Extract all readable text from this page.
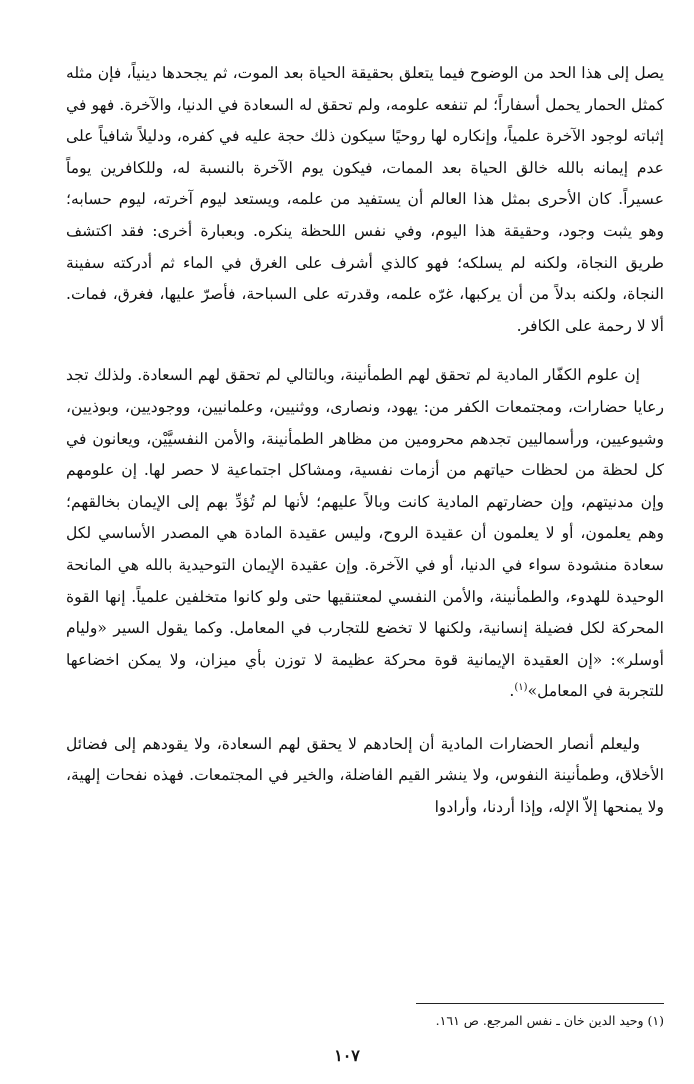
يصل إلى هذا الحد من الوضوح فيما يتعلق بحقيقة الحياة بعد الموت، ثم يجحدها دينياً، فإن مثله كمثل الحمار يحمل أسفاراً؛ لم تنفعه علومه، ولم تحقق له السعادة في الدنيا، والآخرة. فهو في إثباته لوجود الآخرة علمياً، وإنكاره لها روحيًا سيكون ذلك حجة عليه في كفره، ودليلاً شافياً على عدم إيمانه بالله خالق الحياة بعد الممات، فيكون يوم الآخرة بالنسبة له، وللكافرين يوماً عسيراً. كان الأحرى بمثل هذا العالم أن يستفيد من علمه، ويستعد ليوم آخرته، ليوم حسابه؛ وهو يثبت وجود، وحقيقة هذا اليوم، وفي نفس اللحظة ينكره. وبعبارة أخرى: فقد اكتشف طريق النجاة، ولكنه لم يسلكه؛ فهو كالذي أشرف على الغرق في الماء ثم أدركته سفينة النجاة، ولكنه بدلاً من أن يركبها، غرّه علمه، وقدرته على السباحة، فأصرّ عليها، فغرق، فمات. ألا لا رحمة على الكافر.

إن علوم الكفّار المادية لم تحقق لهم الطمأنينة، وبالتالي لم تحقق لهم السعادة. ولذلك تجد رعايا حضارات، ومجتمعات الكفر من: يهود، ونصارى، ووثنيين، وعلمانيين، ووجوديين، وبوذيين، وشيوعيين، ورأسماليين تجدهم محرومين من مظاهر الطمأنينة، والأمن النفسيَّيْن، ويعانون في كل لحظة من لحظات حياتهم من أزمات نفسية، ومشاكل اجتماعية لا حصر لها. إن علومهم وإن مدنيتهم، وإن حضارتهم المادية كانت وبالاً عليهم؛ لأنها لم تُؤدِّ بهم إلى الإيمان بخالقهم؛ وهم يعلمون، أو لا يعلمون أن عقيدة الروح، وليس عقيدة المادة هي المصدر الأساسي لكل سعادة منشودة سواء في الدنيا، أو في الآخرة. وإن عقيدة الإيمان التوحيدية بالله هي المانحة الوحيدة للهدوء، والطمأنينة، والأمن النفسي لمعتنقيها حتى ولو كانوا متخلفين علمياً. إنها القوة المحركة لكل فضيلة إنسانية، ولكنها لا تخضع للتجارب في المعامل. وكما يقول السير «وليام أوسلر»: «إن العقيدة الإيمانية قوة محركة عظيمة لا توزن بأي ميزان، ولا يمكن اخضاعها للتجربة في المعامل»$^{(١)}$.

وليعلم أنصار الحضارات المادية أن إلحادهم لا يحقق لهم السعادة، ولا يقودهم إلى فضائل الأخلاق، وطمأنينة النفوس، ولا ينشر القيم الفاضلة، والخير في المجتمعات. فهذه نفحات إلهية، ولا يمنحها إلاّ الإله، وإذا أردنا، وأرادوا

(١) وحيد الدين خان ـ نفس المرجع. ص ١٦١.

١٠٧
